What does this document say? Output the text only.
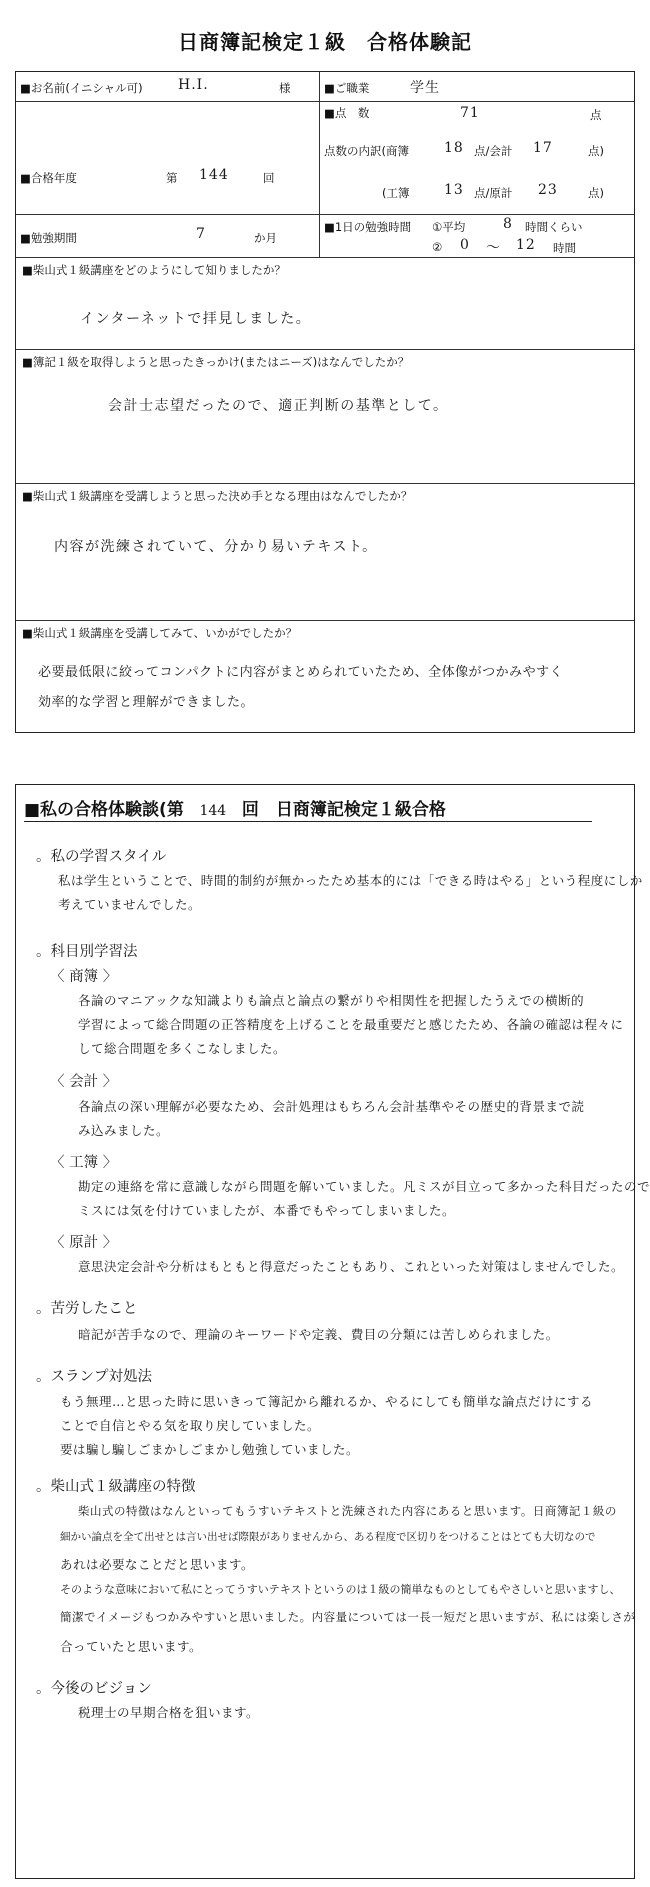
日商簿記検定１級　合格体験記
■お名前(イニシャル可)	H.I.	様	■ご職業	学生
■合格年度	第 144	回
■点　数	71	点
点数の内訳(商簿	18 点/会計 17	点)
(工簿 13 点/原計 23	点)
■勉強期間	7	か月
■1日の勉強時間 ①平均	8 時間くらい
② 0 〜 12 時間
■柴山式１級講座をどのようにして知りましたか？
インターネットで拝見しました。
■簿記１級を取得しようと思ったきっかけ(またはニーズ)はなんでしたか？
会計士志望だったので、適正判断の基準として。
■柴山式１級講座を受講しようと思った決め手となる理由はなんでしたか？
内容が洗練されていて、分かり易いテキスト。
■柴山式１級講座を受講してみて、いかがでしたか？
必要最低限に絞ってコンパクトに内容がまとめられていたため、全体像がつかみやすく
効率的な学習と理解ができました。
■私の合格体験談(第 144 回　日商簿記検定１級合格
。私の学習スタイル
私は学生ということで、時間的制約が無かったため基本的には「できる時はやる」という程度にしか
考えていませんでした。
。科目別学習法
〈 商簿 〉
各論のマニアックな知識よりも論点と論点の繋がりや相関性を把握したうえでの横断的
学習によって総合問題の正答精度を上げることを最重要だと感じたため、各論の確認は程々に
して総合問題を多くこなしました。
〈 会計 〉
各論点の深い理解が必要なため、会計処理はもちろん会計基準やその歴史的背景まで読
み込みました。
〈 工簿 〉
勘定の連絡を常に意識しながら問題を解いていました。凡ミスが目立って多かった科目だったので
ミスには気を付けていましたが、本番でもやってしまいました。
〈 原計 〉
意思決定会計や分析はもともと得意だったこともあり、これといった対策はしませんでした。
。苦労したこと
暗記が苦手なので、理論のキーワードや定義、費目の分類には苦しめられました。
。スランプ対処法
もう無理…と思った時に思いきって簿記から離れるか、やるにしても簡単な論点だけにする
ことで自信とやる気を取り戻していました。
要は騙し騙しごまかしごまかし勉強していました。
。柴山式１級講座の特徴
柴山式の特徴はなんといってもうすいテキストと洗練された内容にあると思います。日商簿記１級の
細かい論点を全て出せとは言い出せば際限がありませんから、ある程度で区切りをつけることはとても大切なので
あれは必要なことだと思います。
そのような意味において私にとってうすいテキストというのは１級の簡単なものとしてもやさしいと思いますし、
簡潔でイメージもつかみやすいと思いました。内容量については一長一短だと思いますが、私には楽しさが
合っていたと思います。
。今後のビジョン
税理士の早期合格を狙います。
